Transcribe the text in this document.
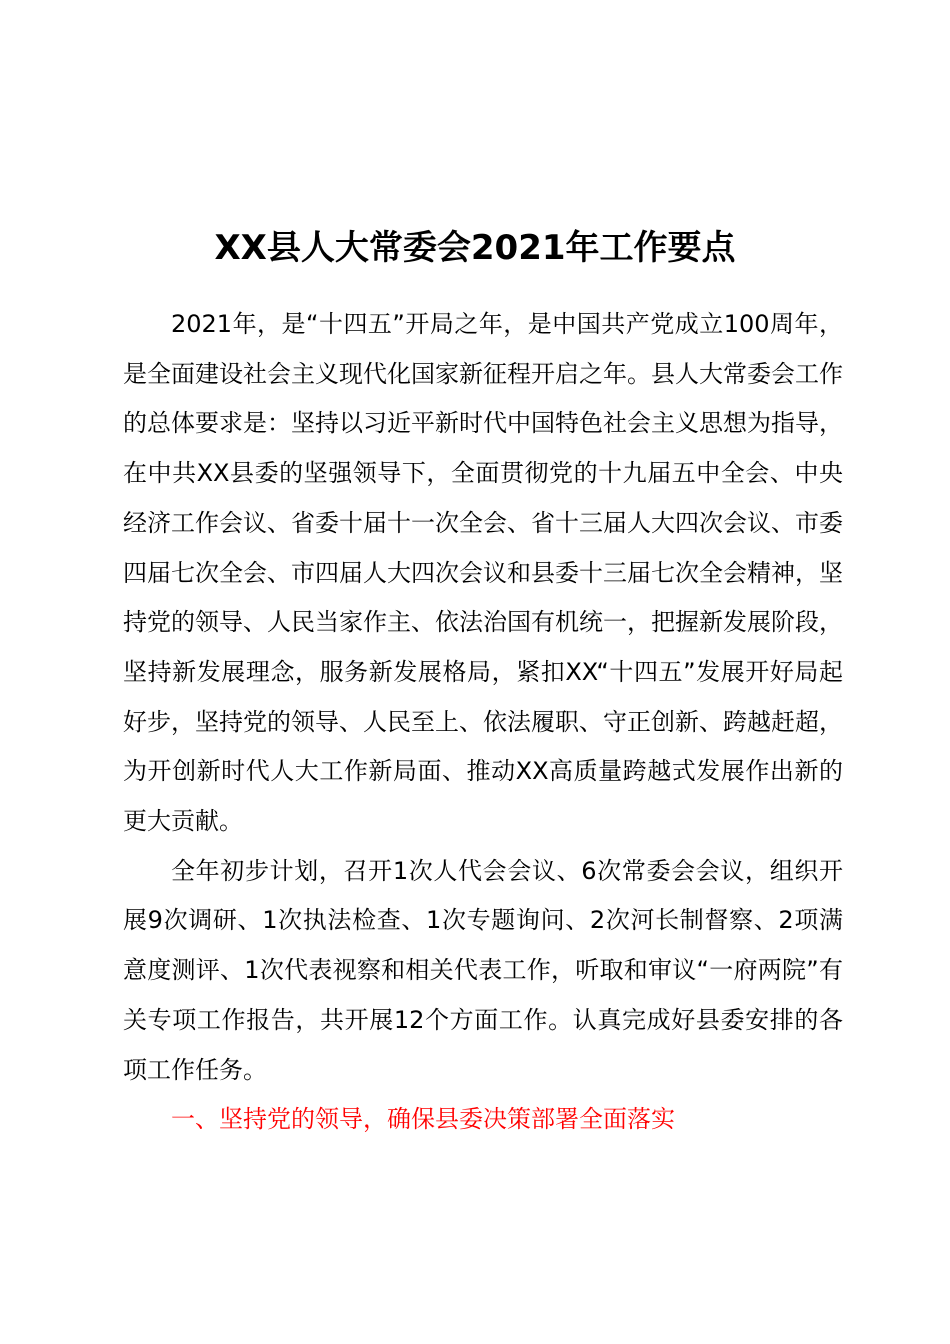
XX县人大常委会2021年工作要点

2021年，是“十四五”开局之年，是中国共产党成立100周年，是全面建设社会主义现代化国家新征程开启之年。县人大常委会工作的总体要求是：坚持以习近平新时代中国特色社会主义思想为指导，在中共XX县委的坚强领导下，全面贯彻党的十九届五中全会、中央经济工作会议、省委十届十一次全会、省十三届人大四次会议、市委四届七次全会、市四届人大四次会议和县委十三届七次全会精神，坚持党的领导、人民当家作主、依法治国有机统一，把握新发展阶段，坚持新发展理念，服务新发展格局，紧扣XX“十四五”发展开好局起好步，坚持党的领导、人民至上、依法履职、守正创新、跨越赶超，为开创新时代人大工作新局面、推动XX高质量跨越式发展作出新的更大贡献。

全年初步计划，召开1次人代会会议、6次常委会会议，组织开展9次调研、1次执法检查、1次专题询问、2次河长制督察、2项满意度测评、1次代表视察和相关代表工作，听取和审议“一府两院”有关专项工作报告，共开展12个方面工作。认真完成好县委安排的各项工作任务。

一、坚持党的领导，确保县委决策部署全面落实
